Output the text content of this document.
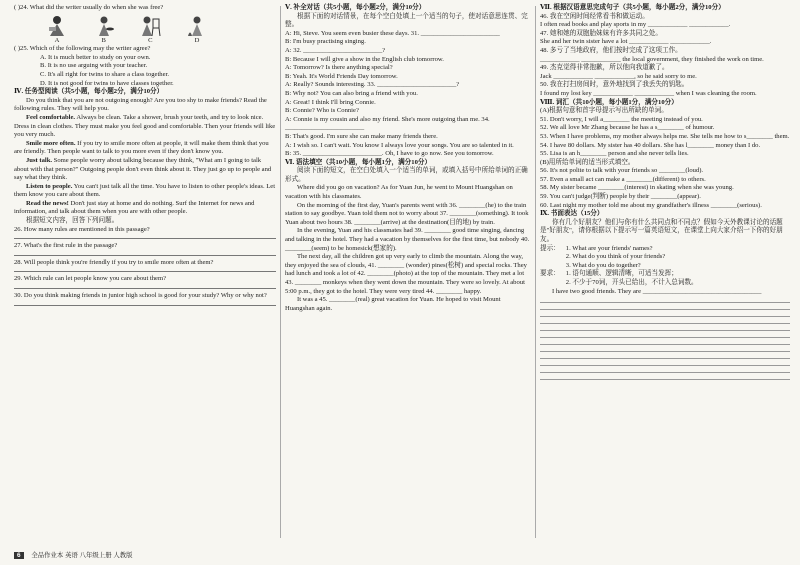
( )24. What did the writer usually do when she was free?

A	B	C	D

( )25. Which of the following may the writer agree?

A. It is much better to study on your own.

B. It is no use arguing with your teacher.

C. It's all right for twins to share a class together.

D. It is not good for twins to have classes together.

Ⅳ. 任务型阅读（共5小题，每小题2分，满分10分）

Do you think that you are not outgoing enough? Are you too shy to make friends? Read the following rules. They will help you.

Feel comfortable. Always be clean. Take a shower, brush your teeth, and try to look nice. Dress in clean clothes. They must make you feel good and comfortable. Then your friends will like you very much.

Smile more often. If you try to smile more often at people, it will make them think that you are friendly. Then people want to talk to you more even if they don't know you.

Just talk. Some people worry about talking because they think, "What am I going to talk about with that person?" Outgoing people don't even think about it. They just go up to people and say what they think.

Listen to people. You can't just talk all the time. You have to listen to other people's ideas. Let them know you care about them.

Read the news! Don't just stay at home and do nothing. Surf the Internet for news and information, and talk about them when you are with other people.

根据短文内容，回答下列问题。

26. How many rules are mentioned in this passage?

27. What's the first rule in the passage?

28. Will people think you're friendly if you try to smile more often at them?

29. Which rule can let people know you care about them?

30. Do you think making friends in junior high school is good for your study? Why or why not?

Ⅴ. 补全对话（共5小题，每小题2分，满分10分）

根据下面的对话情景，在每个空白处填上一个适当的句子，使对话意思连贯、完整。

A: Hi, Steve. You seem even busier these days. 31. ________________________

B: I'm busy practising singing.

A: 32. ________________________?

B: Because I will give a show in the English club tomorrow.

A: Tomorrow? Is there anything special?

B: Yeah. It's World Friends Day tomorrow.

A: Really? Sounds interesting. 33. ________________________?

B: Why not? You can also bring a friend with you.

A: Great! I think I'll bring Connie.

B: Connie? Who is Connie?

A: Connie is my cousin and also my friend. She's more outgoing than me. 34. ________________________

B: That's good. I'm sure she can make many friends there.

A: I wish so. I can't wait. You know I always love your songs. You are so talented in it.

B: 35. ________________________. Oh, I have to go now. See you tomorrow.

Ⅵ. 语法填空（共10小题，每小题1分，满分10分）

阅读下面的短文，在空白处填入一个适当的单词，或填入括号中所给单词的正确形式。

Where did you go on vacation? As for Yuan Jun, he went to Mount Huangshan on vacation with his classmates.

On the morning of the first day, Yuan's parents went with 36. ________(he) to the train station to say goodbye. Yuan told them not to worry about 37. ________(something). It took Yuan about two hours 38. ________(arrive) at the destination(目的地) by train.

In the evening, Yuan and his classmates had 39. ________ good time singing, dancing and talking in the hotel. They had a vacation by themselves for the first time, but nobody 40. ________(seem) to be homesick(想家的).

The next day, all the children got up very early to climb the mountain. Along the way, they enjoyed the sea of clouds, 41. ________ (wonder) pines(松树) and special rocks. They had lunch and took a lot of 42. ________(photo) at the top of the mountain. They met a lot 43. ________ monkeys when they went down the mountain. They were so lovely. At about 5:00 p.m., they got to the hotel. They were very tired 44. ________ happy.

It was a 45. ________(real) great vacation for Yuan. He hoped to visit Mount Huangshan again.

Ⅶ. 根据汉语意思完成句子（共5小题，每小题2分，满分10分）

46. 我在空闲时间经常看书和做运动。

I often read books and play sports in my ____________ ____________.

47. 她和她的双胞胎妹妹有许多共同之处。

She and her twin sister have a lot ____________ ____________.

48. 多亏了当地政府，他们按时完成了这项工作。

____________ ____________ the local government, they finished the work on time.

49. 杰克觉得非常抱歉，所以他向我道歉了。

Jack ____________ ____________, so he said sorry to me.

50. 我在打扫房间时，意外地找到了我丢失的钥匙。

I found my lost key ____________ ____________ when I was cleaning the room.

Ⅷ. 词汇（共10小题，每小题1分，满分10分）

(A)根据句意和首字母提示写出所缺的单词。

51. Don't worry, I will a________ the meeting instead of you.

52. We all love Mr Zhang because he has a s________ of humour.

53. When I have problems, my mother always helps me. She tells me how to s________ them.

54. I have 80 dollars. My sister has 40 dollars. She has l________ money than I do.

55. Lisa is an h________ person and she never tells lies.

(B)用所给单词的适当形式填空。

56. It's not polite to talk with your friends so ________(loud).

57. Even a small act can make a ________(different) to others.

58. My sister became ________(interest) in skating when she was young.

59. You can't judge(判断) people by their ________(appear).

60. Last night my mother told me about my grandfather's illness ________(serious).

Ⅸ. 书面表达（15分）

你有几个好朋友？他们与你有什么共同点和不同点？假如今天外教课讨论的话题是"好朋友"，请你根据以下提示写一篇英语短文，在课堂上向大家介绍一下你的好朋友。

提示： 1. What are your friends' names?

2. What do you think of your friends?

3. What do you do together?

要求： 1. 语句通顺、逻辑清晰，可适当发挥；

2. 不少于70词，开头已给出，不计入总词数。

I have two good friends. They are ____________________________________

6 全品作业本 英语 八年级上册 人教版
